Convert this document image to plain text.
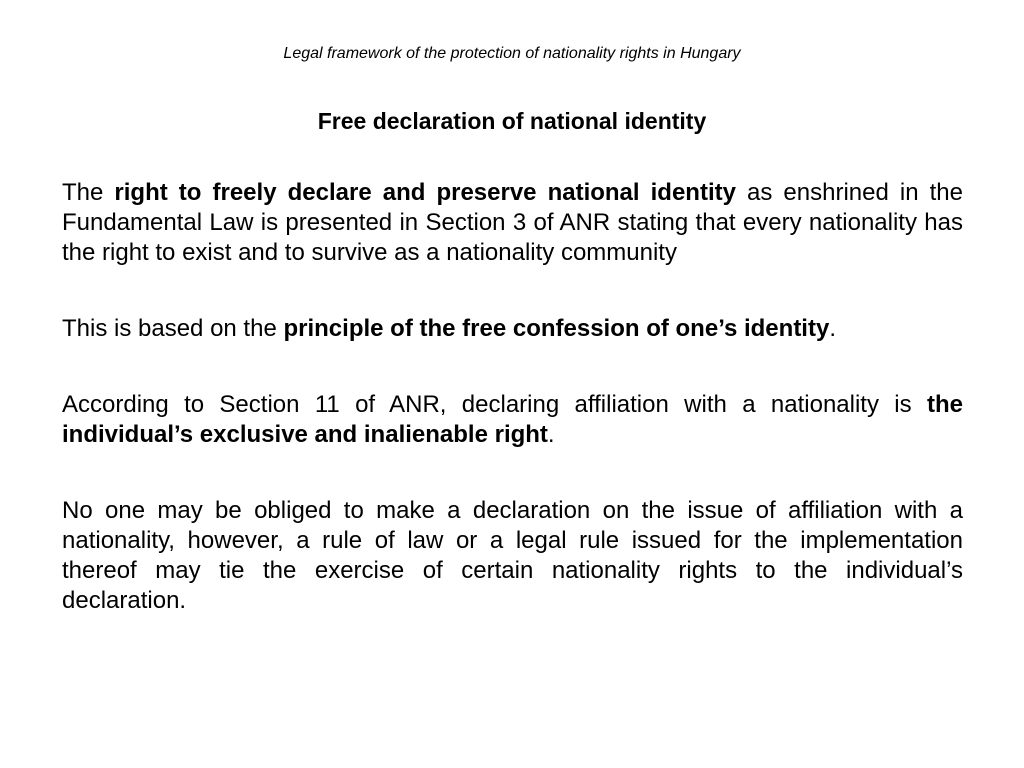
Legal framework of the protection of nationality rights in Hungary
Free declaration of national identity

The right to freely declare and preserve national identity as enshrined in the Fundamental Law is presented in Section 3 of ANR stating that every nationality has the right to exist and to survive as a nationality community

This is based on the principle of the free confession of one’s identity.

According to Section 11 of ANR, declaring affiliation with a nationality is the individual’s exclusive and inalienable right.

No one may be obliged to make a declaration on the issue of affiliation with a nationality, however, a rule of law or a legal rule issued for the implementation thereof may tie the exercise of certain nationality rights to the individual’s declaration.
